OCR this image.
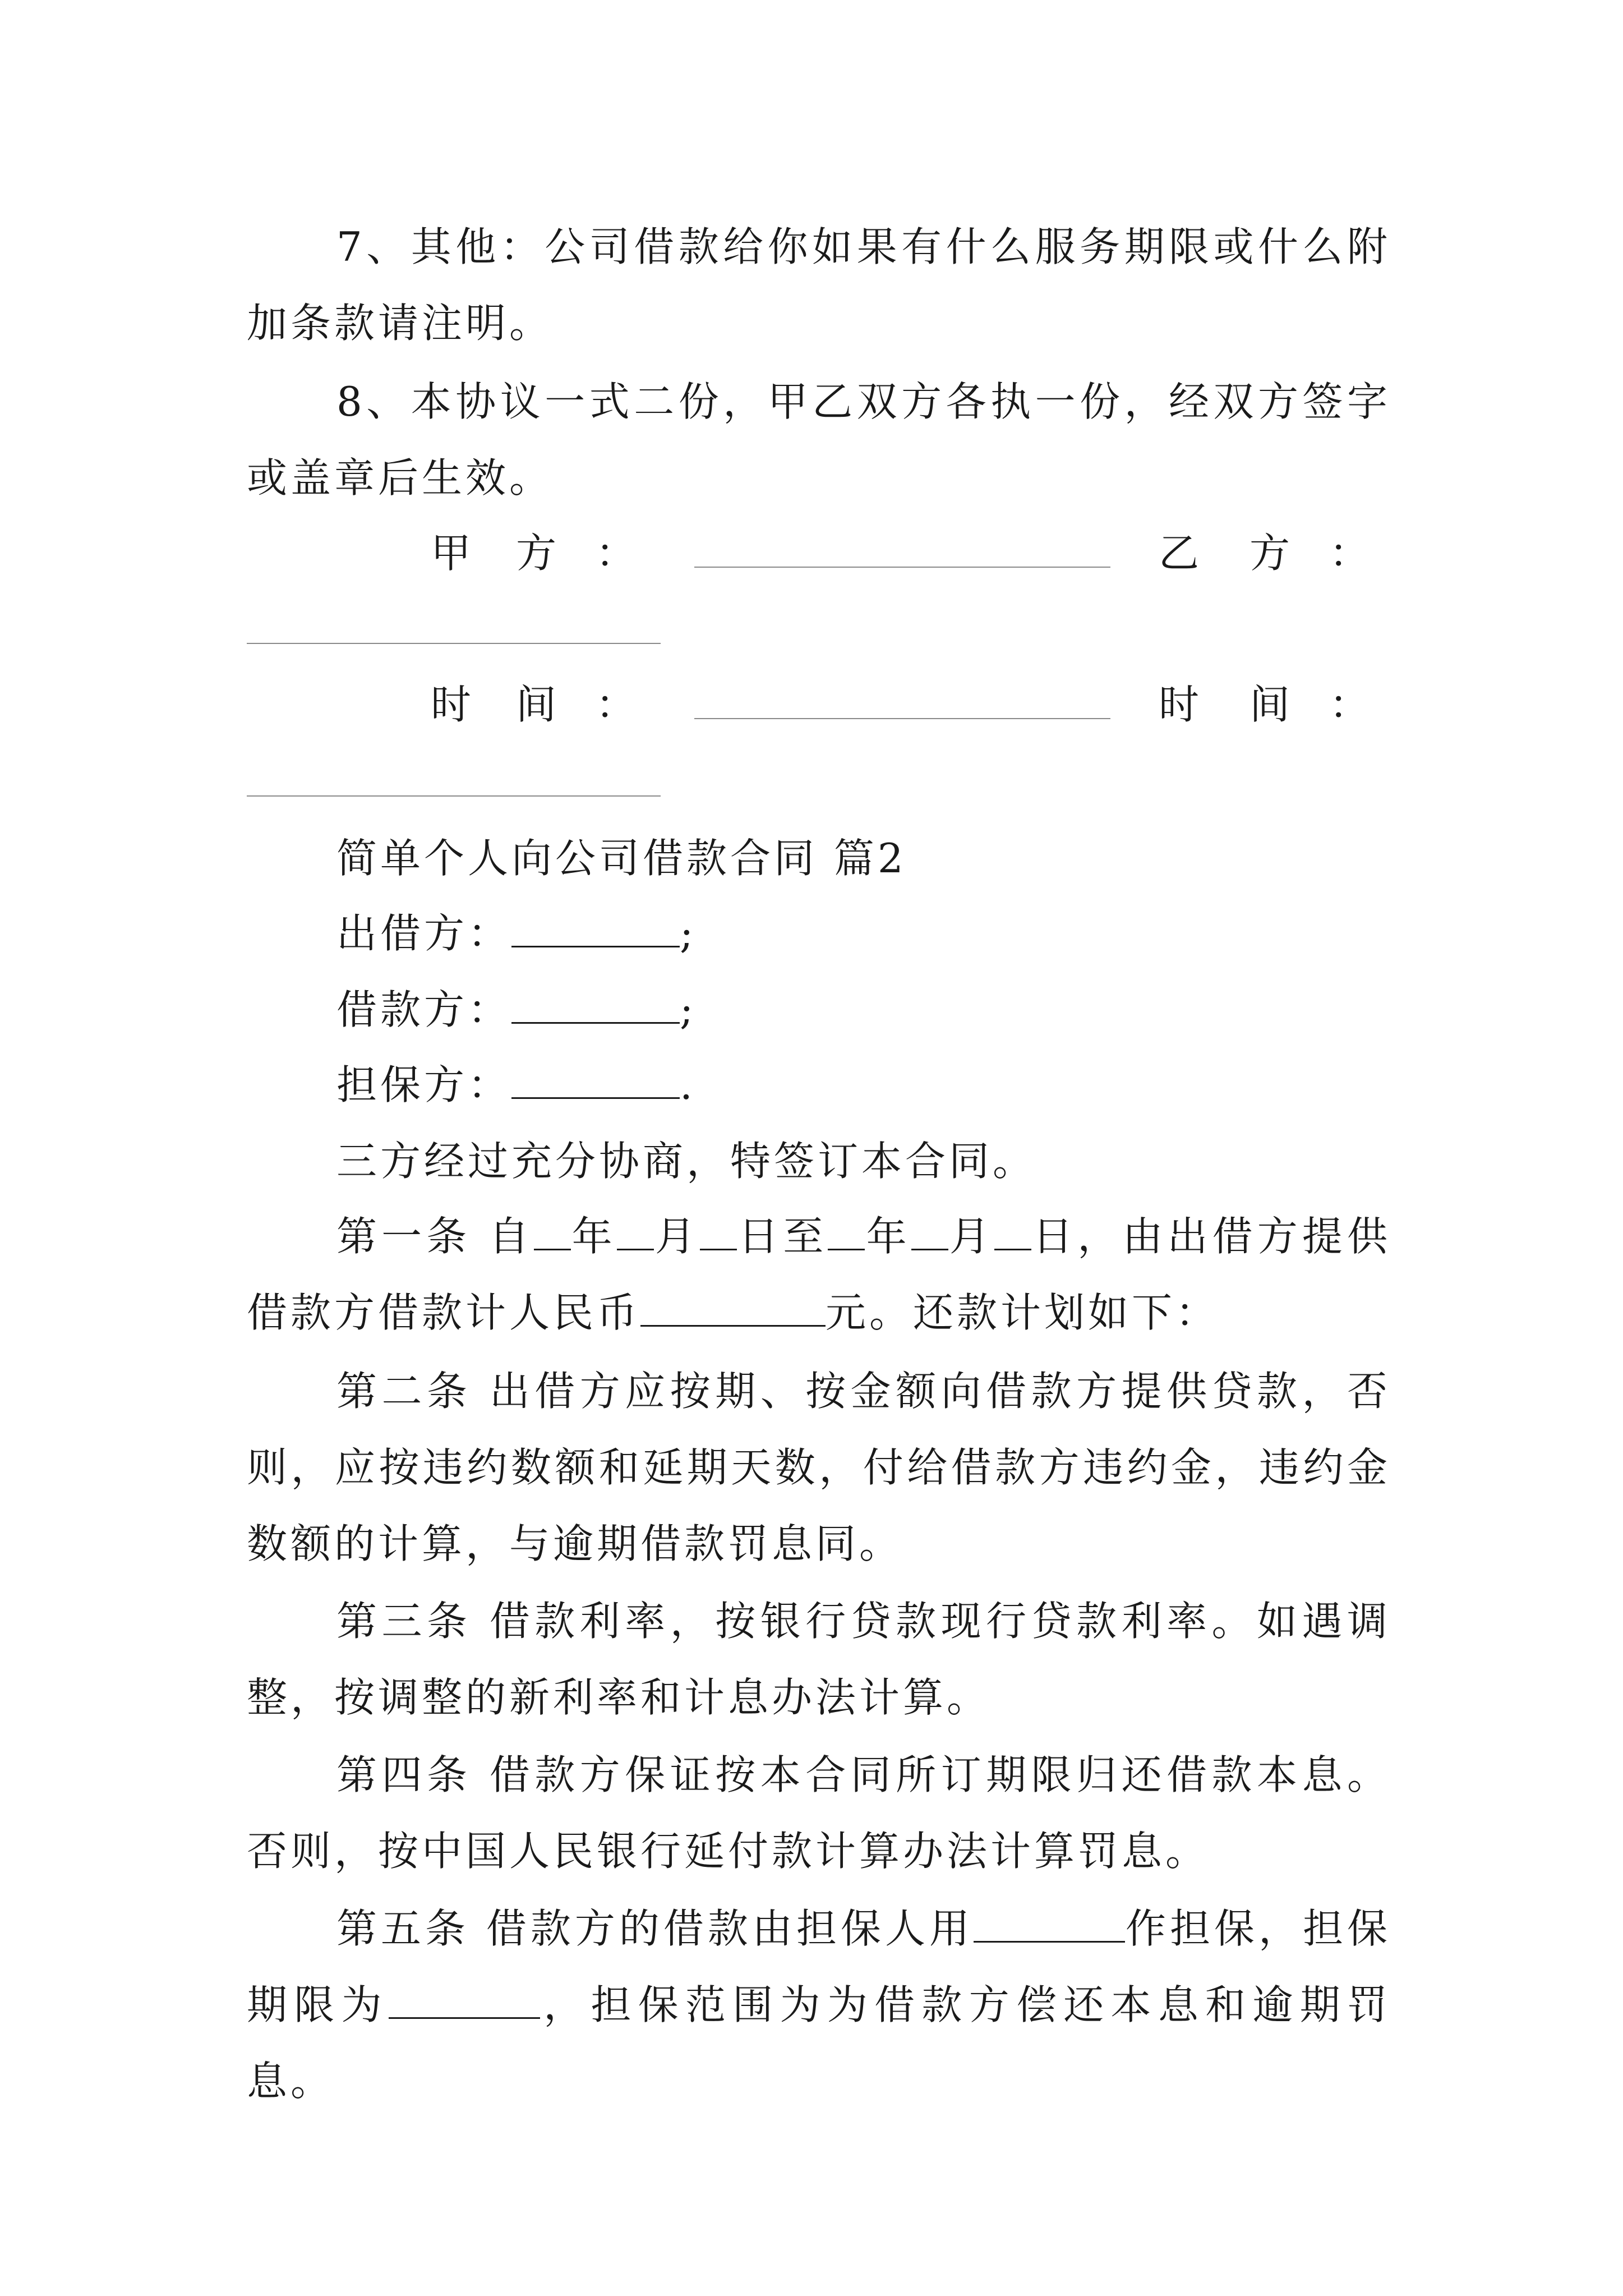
7、其他：公司借款给你如果有什么服务期限或什么附加条款请注明。

8、本协议一式二份，甲乙双方各执一份，经双方签字或盖章后生效。

甲 方 ：	乙 方 ：
时 间 ：	时 间 ：

简单个人向公司借款合同 篇2

出借方：	;

借款方：	;

担保方：	.

三方经过充分协商，特签订本合同。

第一条 自 年 月 日至 年 月 日，由出借方提供借款方借款计人民币	元。还款计划如下：

第二条 出借方应按期、按金额向借款方提供贷款，否则，应按违约数额和延期天数，付给借款方违约金，违约金数额的计算，与逾期借款罚息同。

第三条 借款利率，按银行贷款现行贷款利率。如遇调整，按调整的新利率和计息办法计算。

第四条 借款方保证按本合同所订期限归还借款本息。否则，按中国人民银行延付款计算办法计算罚息。

第五条 借款方的借款由担保人用	作担保，担保期限为	，担保范围为为借款方偿还本息和逾期罚息。
